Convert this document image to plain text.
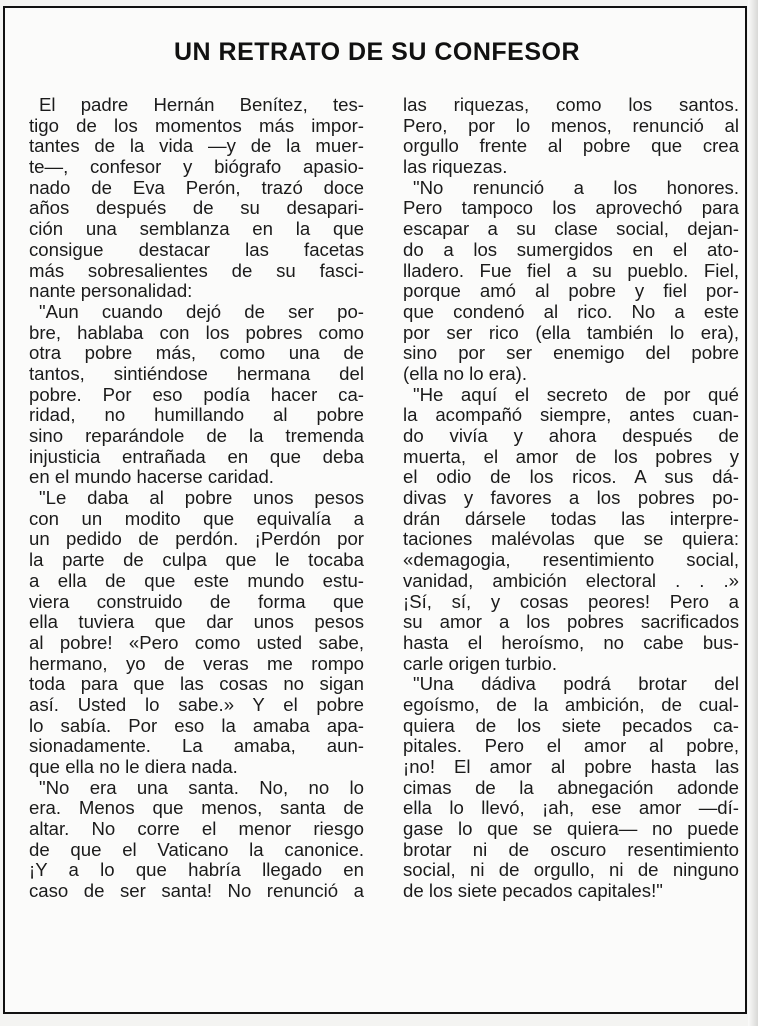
UN RETRATO DE SU CONFESOR
El padre Hernán Benítez, tes-
tigo de los momentos más impor-
tantes de la vida —y de la muer-
te—, confesor y biógrafo apasio-
nado de Eva Perón, trazó doce
años después de su desapari-
ción una semblanza en la que
consigue destacar las facetas
más sobresalientes de su fasci-
nante personalidad:
"Aun cuando dejó de ser po-
bre, hablaba con los pobres como
otra pobre más, como una de
tantos, sintiéndose hermana del
pobre. Por eso podía hacer ca-
ridad, no humillando al pobre
sino reparándole de la tremenda
injusticia entrañada en que deba
en el mundo hacerse caridad.
"Le daba al pobre unos pesos
con un modito que equivalía a
un pedido de perdón. ¡Perdón por
la parte de culpa que le tocaba
a ella de que este mundo estu-
viera construido de forma que
ella tuviera que dar unos pesos
al pobre! «Pero como usted sabe,
hermano, yo de veras me rompo
toda para que las cosas no sigan
así. Usted lo sabe.» Y el pobre
lo sabía. Por eso la amaba apa-
sionadamente. La amaba, aun-
que ella no le diera nada.
"No era una santa. No, no lo
era. Menos que menos, santa de
altar. No corre el menor riesgo
de que el Vaticano la canonice.
¡Y a lo que habría llegado en
caso de ser santa! No renunció a
las riquezas, como los santos.
Pero, por lo menos, renunció al
orgullo frente al pobre que crea
las riquezas.
"No renunció a los honores.
Pero tampoco los aprovechó para
escapar a su clase social, dejan-
do a los sumergidos en el ato-
lladero. Fue fiel a su pueblo. Fiel,
porque amó al pobre y fiel por-
que condenó al rico. No a este
por ser rico (ella también lo era),
sino por ser enemigo del pobre
(ella no lo era).
"He aquí el secreto de por qué
la acompañó siempre, antes cuan-
do vivía y ahora después de
muerta, el amor de los pobres y
el odio de los ricos. A sus dá-
divas y favores a los pobres po-
drán dársele todas las interpre-
taciones malévolas que se quiera:
«demagogia, resentimiento social,
vanidad, ambición electoral . . .»
¡Sí, sí, y cosas peores! Pero a
su amor a los pobres sacrificados
hasta el heroísmo, no cabe bus-
carle origen turbio.
"Una dádiva podrá brotar del
egoísmo, de la ambición, de cual-
quiera de los siete pecados ca-
pitales. Pero el amor al pobre,
¡no! El amor al pobre hasta las
cimas de la abnegación adonde
ella lo llevó, ¡ah, ese amor —dí-
gase lo que se quiera— no puede
brotar ni de oscuro resentimiento
social, ni de orgullo, ni de ninguno
de los siete pecados capitales!"
